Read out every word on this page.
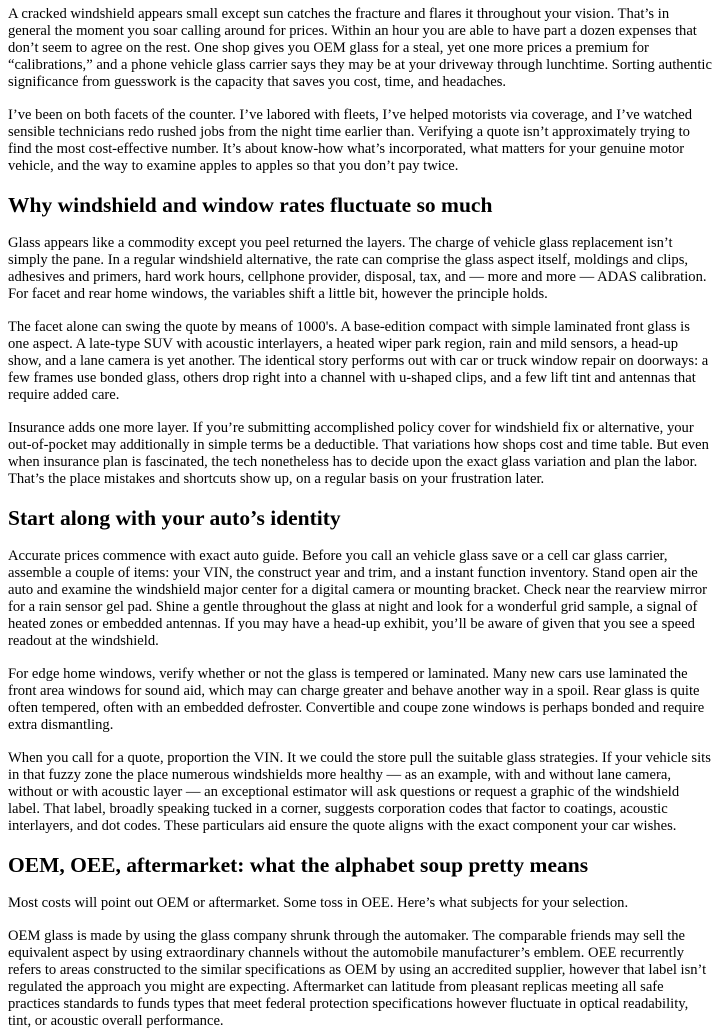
A cracked windshield appears small except sun catches the fracture and flares it throughout your vision. That’s in general the moment you soar calling around for prices. Within an hour you are able to have part a dozen expenses that don’t seem to agree on the rest. One shop gives you OEM glass for a steal, yet one more prices a premium for “calibrations,” and a phone vehicle glass carrier says they may be at your driveway through lunchtime. Sorting authentic significance from guesswork is the capacity that saves you cost, time, and headaches.

I’ve been on both facets of the counter. I’ve labored with fleets, I’ve helped motorists via coverage, and I’ve watched sensible technicians redo rushed jobs from the night time earlier than. Verifying a quote isn’t approximately trying to find the most cost-effective number. It’s about know-how what’s incorporated, what matters for your genuine motor vehicle, and the way to examine apples to apples so that you don’t pay twice.

Why windshield and window rates fluctuate so much

Glass appears like a commodity except you peel returned the layers. The charge of vehicle glass replacement isn’t simply the pane. In a regular windshield alternative, the rate can comprise the glass aspect itself, moldings and clips, adhesives and primers, hard work hours, cellphone provider, disposal, tax, and — more and more — ADAS calibration. For facet and rear home windows, the variables shift a little bit, however the principle holds.

The facet alone can swing the quote by means of 1000's. A base-edition compact with simple laminated front glass is one aspect. A late-type SUV with acoustic interlayers, a heated wiper park region, rain and mild sensors, a head-up show, and a lane camera is yet another. The identical story performs out with car or truck window repair on doorways: a few frames use bonded glass, others drop right into a channel with u-shaped clips, and a few lift tint and antennas that require added care.

Insurance adds one more layer. If you’re submitting accomplished policy cover for windshield fix or alternative, your out-of-pocket may additionally in simple terms be a deductible. That variations how shops cost and time table. But even when insurance plan is fascinated, the tech nonetheless has to decide upon the exact glass variation and plan the labor. That’s the place mistakes and shortcuts show up, on a regular basis on your frustration later.

Start along with your auto’s identity

Accurate prices commence with exact auto guide. Before you call an vehicle glass save or a cell car glass carrier, assemble a couple of items: your VIN, the construct year and trim, and a instant function inventory. Stand open air the auto and examine the windshield major center for a digital camera or mounting bracket. Check near the rearview mirror for a rain sensor gel pad. Shine a gentle throughout the glass at night and look for a wonderful grid sample, a signal of heated zones or embedded antennas. If you may have a head-up exhibit, you’ll be aware of given that you see a speed readout at the windshield.

For edge home windows, verify whether or not the glass is tempered or laminated. Many new cars use laminated the front area windows for sound aid, which may can charge greater and behave another way in a spoil. Rear glass is quite often tempered, often with an embedded defroster. Convertible and coupe zone windows is perhaps bonded and require extra dismantling.

When you call for a quote, proportion the VIN. It we could the store pull the suitable glass strategies. If your vehicle sits in that fuzzy zone the place numerous windshields more healthy — as an example, with and without lane camera, without or with acoustic layer — an exceptional estimator will ask questions or request a graphic of the windshield label. That label, broadly speaking tucked in a corner, suggests corporation codes that factor to coatings, acoustic interlayers, and dot codes. These particulars aid ensure the quote aligns with the exact component your car wishes.

OEM, OEE, aftermarket: what the alphabet soup pretty means

Most costs will point out OEM or aftermarket. Some toss in OEE. Here’s what subjects for your selection.

OEM glass is made by using the glass company shrunk through the automaker. The comparable friends may sell the equivalent aspect by using extraordinary channels without the automobile manufacturer’s emblem. OEE recurrently refers to areas constructed to the similar specifications as OEM by using an accredited supplier, however that label isn’t regulated the approach you might are expecting. Aftermarket can latitude from pleasant replicas meeting all safe practices standards to funds types that meet federal protection specifications however fluctuate in optical readability, tint, or acoustic overall performance.
